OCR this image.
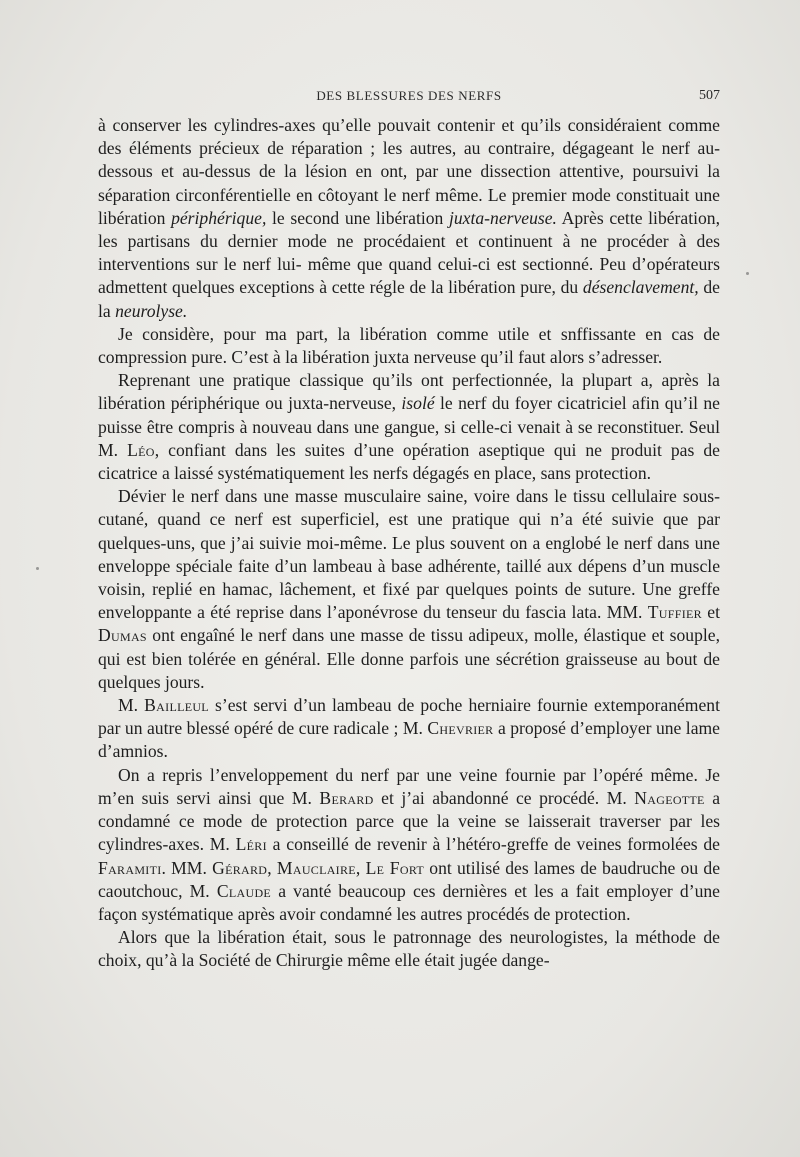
DES BLESSURES DES NERFS	507

à conserver les cylindres-axes qu’elle pouvait contenir et qu’ils considéraient comme des éléments précieux de réparation ; les autres, au contraire, dégageant le nerf au-dessous et au-dessus de la lésion en ont, par une dissection attentive, poursuivi la séparation circonférentielle en côtoyant le nerf même. Le premier mode constituait une libération périphérique, le second une libération juxta-nerveuse. Après cette libération, les partisans du dernier mode ne procédaient et continuent à ne procéder à des interventions sur le nerf lui- même que quand celui-ci est sectionné. Peu d’opérateurs admettent quelques exceptions à cette régle de la libération pure, du désenclavement, de la neurolyse.

Je considère, pour ma part, la libération comme utile et snffissante en cas de compression pure. C’est à la libération juxta nerveuse qu’il faut alors s’adresser.

Reprenant une pratique classique qu’ils ont perfectionnée, la plupart a, après la libération périphérique ou juxta-nerveuse, isolé le nerf du foyer cicatriciel afin qu’il ne puisse être compris à nouveau dans une gangue, si celle-ci venait à se reconstituer. Seul M. Léo, confiant dans les suites d’une opération aseptique qui ne produit pas de cicatrice a laissé systématiquement les nerfs dégagés en place, sans protection.

Dévier le nerf dans une masse musculaire saine, voire dans le tissu cellulaire sous-cutané, quand ce nerf est superficiel, est une pratique qui n’a été suivie que par quelques-uns, que j’ai suivie moi-même. Le plus souvent on a englobé le nerf dans une enveloppe spéciale faite d’un lambeau à base adhérente, taillé aux dépens d’un muscle voisin, replié en hamac, lâchement, et fixé par quelques points de suture. Une greffe enveloppante a été reprise dans l’aponévrose du tenseur du fascia lata. MM. Tuffier et Dumas ont engaîné le nerf dans une masse de tissu adipeux, molle, élastique et souple, qui est bien tolérée en général. Elle donne parfois une sécrétion graisseuse au bout de quelques jours.

M. Bailleul s’est servi d’un lambeau de poche herniaire fournie extemporanément par un autre blessé opéré de cure radicale ; M. Chevrier a proposé d’employer une lame d’amnios.

On a repris l’enveloppement du nerf par une veine fournie par l’opéré même. Je m’en suis servi ainsi que M. Berard et j’ai abandonné ce procédé. M. Nageotte a condamné ce mode de protection parce que la veine se laisserait traverser par les cylindres-axes. M. Léri a conseillé de revenir à l’hétéro-greffe de veines formolées de Faramiti. MM. Gérard, Mauclaire, Le Fort ont utilisé des lames de baudruche ou de caoutchouc, M. Claude a vanté beaucoup ces dernières et les a fait employer d’une façon systématique après avoir condamné les autres procédés de protection.

Alors que la libération était, sous le patronnage des neurologistes, la méthode de choix, qu’à la Société de Chirurgie même elle était jugée dange-
